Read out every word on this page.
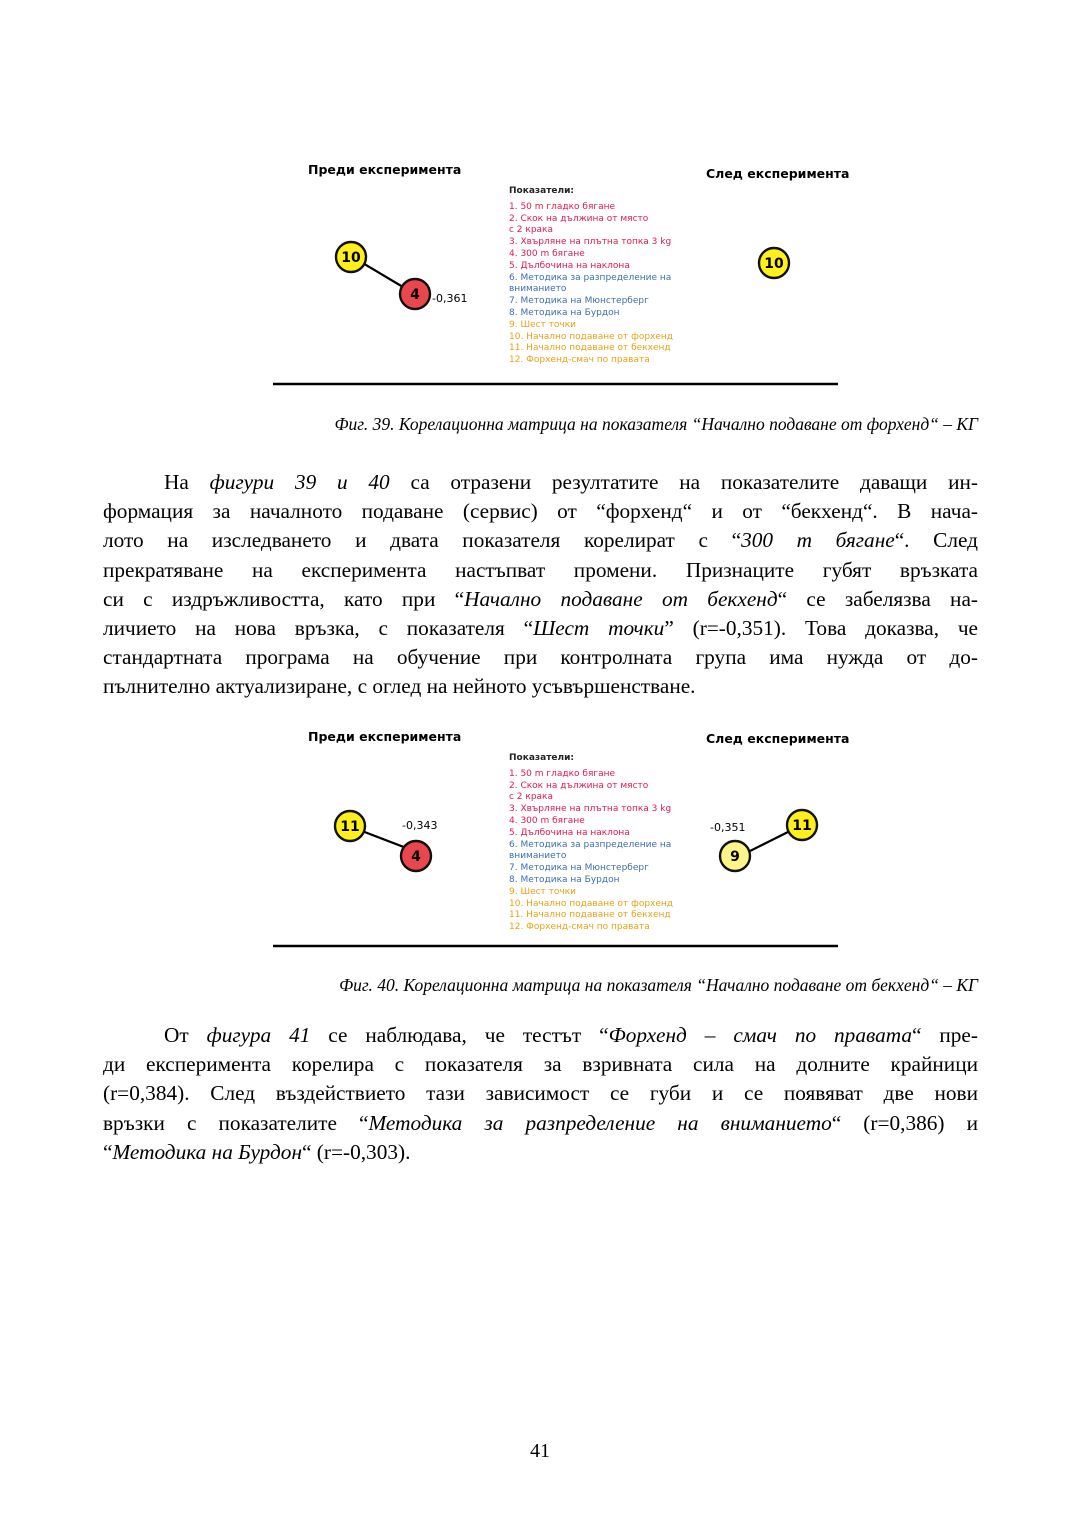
Преди експеримента	След експеримента
Показатели:
1. 50 m гладко бягане
2. Скок на дължина от място
с 2 крака
3. Хвърляне на плътна топка 3 kg
4. 300 m бягане
5. Дълбочина на наклона
6. Методика за разпределение на
вниманието
7. Методика на Мюнстерберг
8. Методика на Бурдон
9. Шест точки
10. Начално подаване от форхенд
11. Начално подаване от бекхенд
12. Форхенд-смач по правата
10
4 -0,361
10
Фиг. 39. Корелационна матрица на показателя “Начално подаване от форхенд“ – КГ

На фигури 39 и 40 са отразени резултатите на показателите даващи ин-
формация за началното подаване (сервис) от “форхенд“ и от “бекхенд“. В нача-
лото на изследването и двата показателя корелират с “300 m бягане“. След
прекратяване на експеримента настъпват промени. Признаците губят връзката
си с издръжливостта, като при “Начално подаване от бекхенд“ се забелязва на-
личието на нова връзка, с показателя “Шест точки” (r=-0,351). Това доказва, че
стандартната програма на обучение при контролната група има нужда от до-
пълнително актуализиране, с оглед на нейното усъвършенстване.

Преди експеримента	След експеримента
Показатели:
1. 50 m гладко бягане
2. Скок на дължина от място
с 2 крака
3. Хвърляне на плътна топка 3 kg
4. 300 m бягане
5. Дълбочина на наклона
6. Методика за разпределение на
вниманието
7. Методика на Мюнстерберг
8. Методика на Бурдон
9. Шест точки
10. Начално подаване от форхенд
11. Начално подаване от бекхенд
12. Форхенд-смач по правата
11
4
-0,343
9
11
-0,351
Фиг. 40. Корелационна матрица на показателя “Начално подаване от бекхенд“ – КГ

От фигура 41 се наблюдава, че тестът “Форхенд – смач по правата“ пре-
ди експеримента корелира с показателя за взривната сила на долните крайници
(r=0,384). След въздействието тази зависимост се губи и се появяват две нови
връзки с показателите “Методика за разпределение на вниманието“ (r=0,386) и
“Методика на Бурдон“ (r=-0,303).

41
